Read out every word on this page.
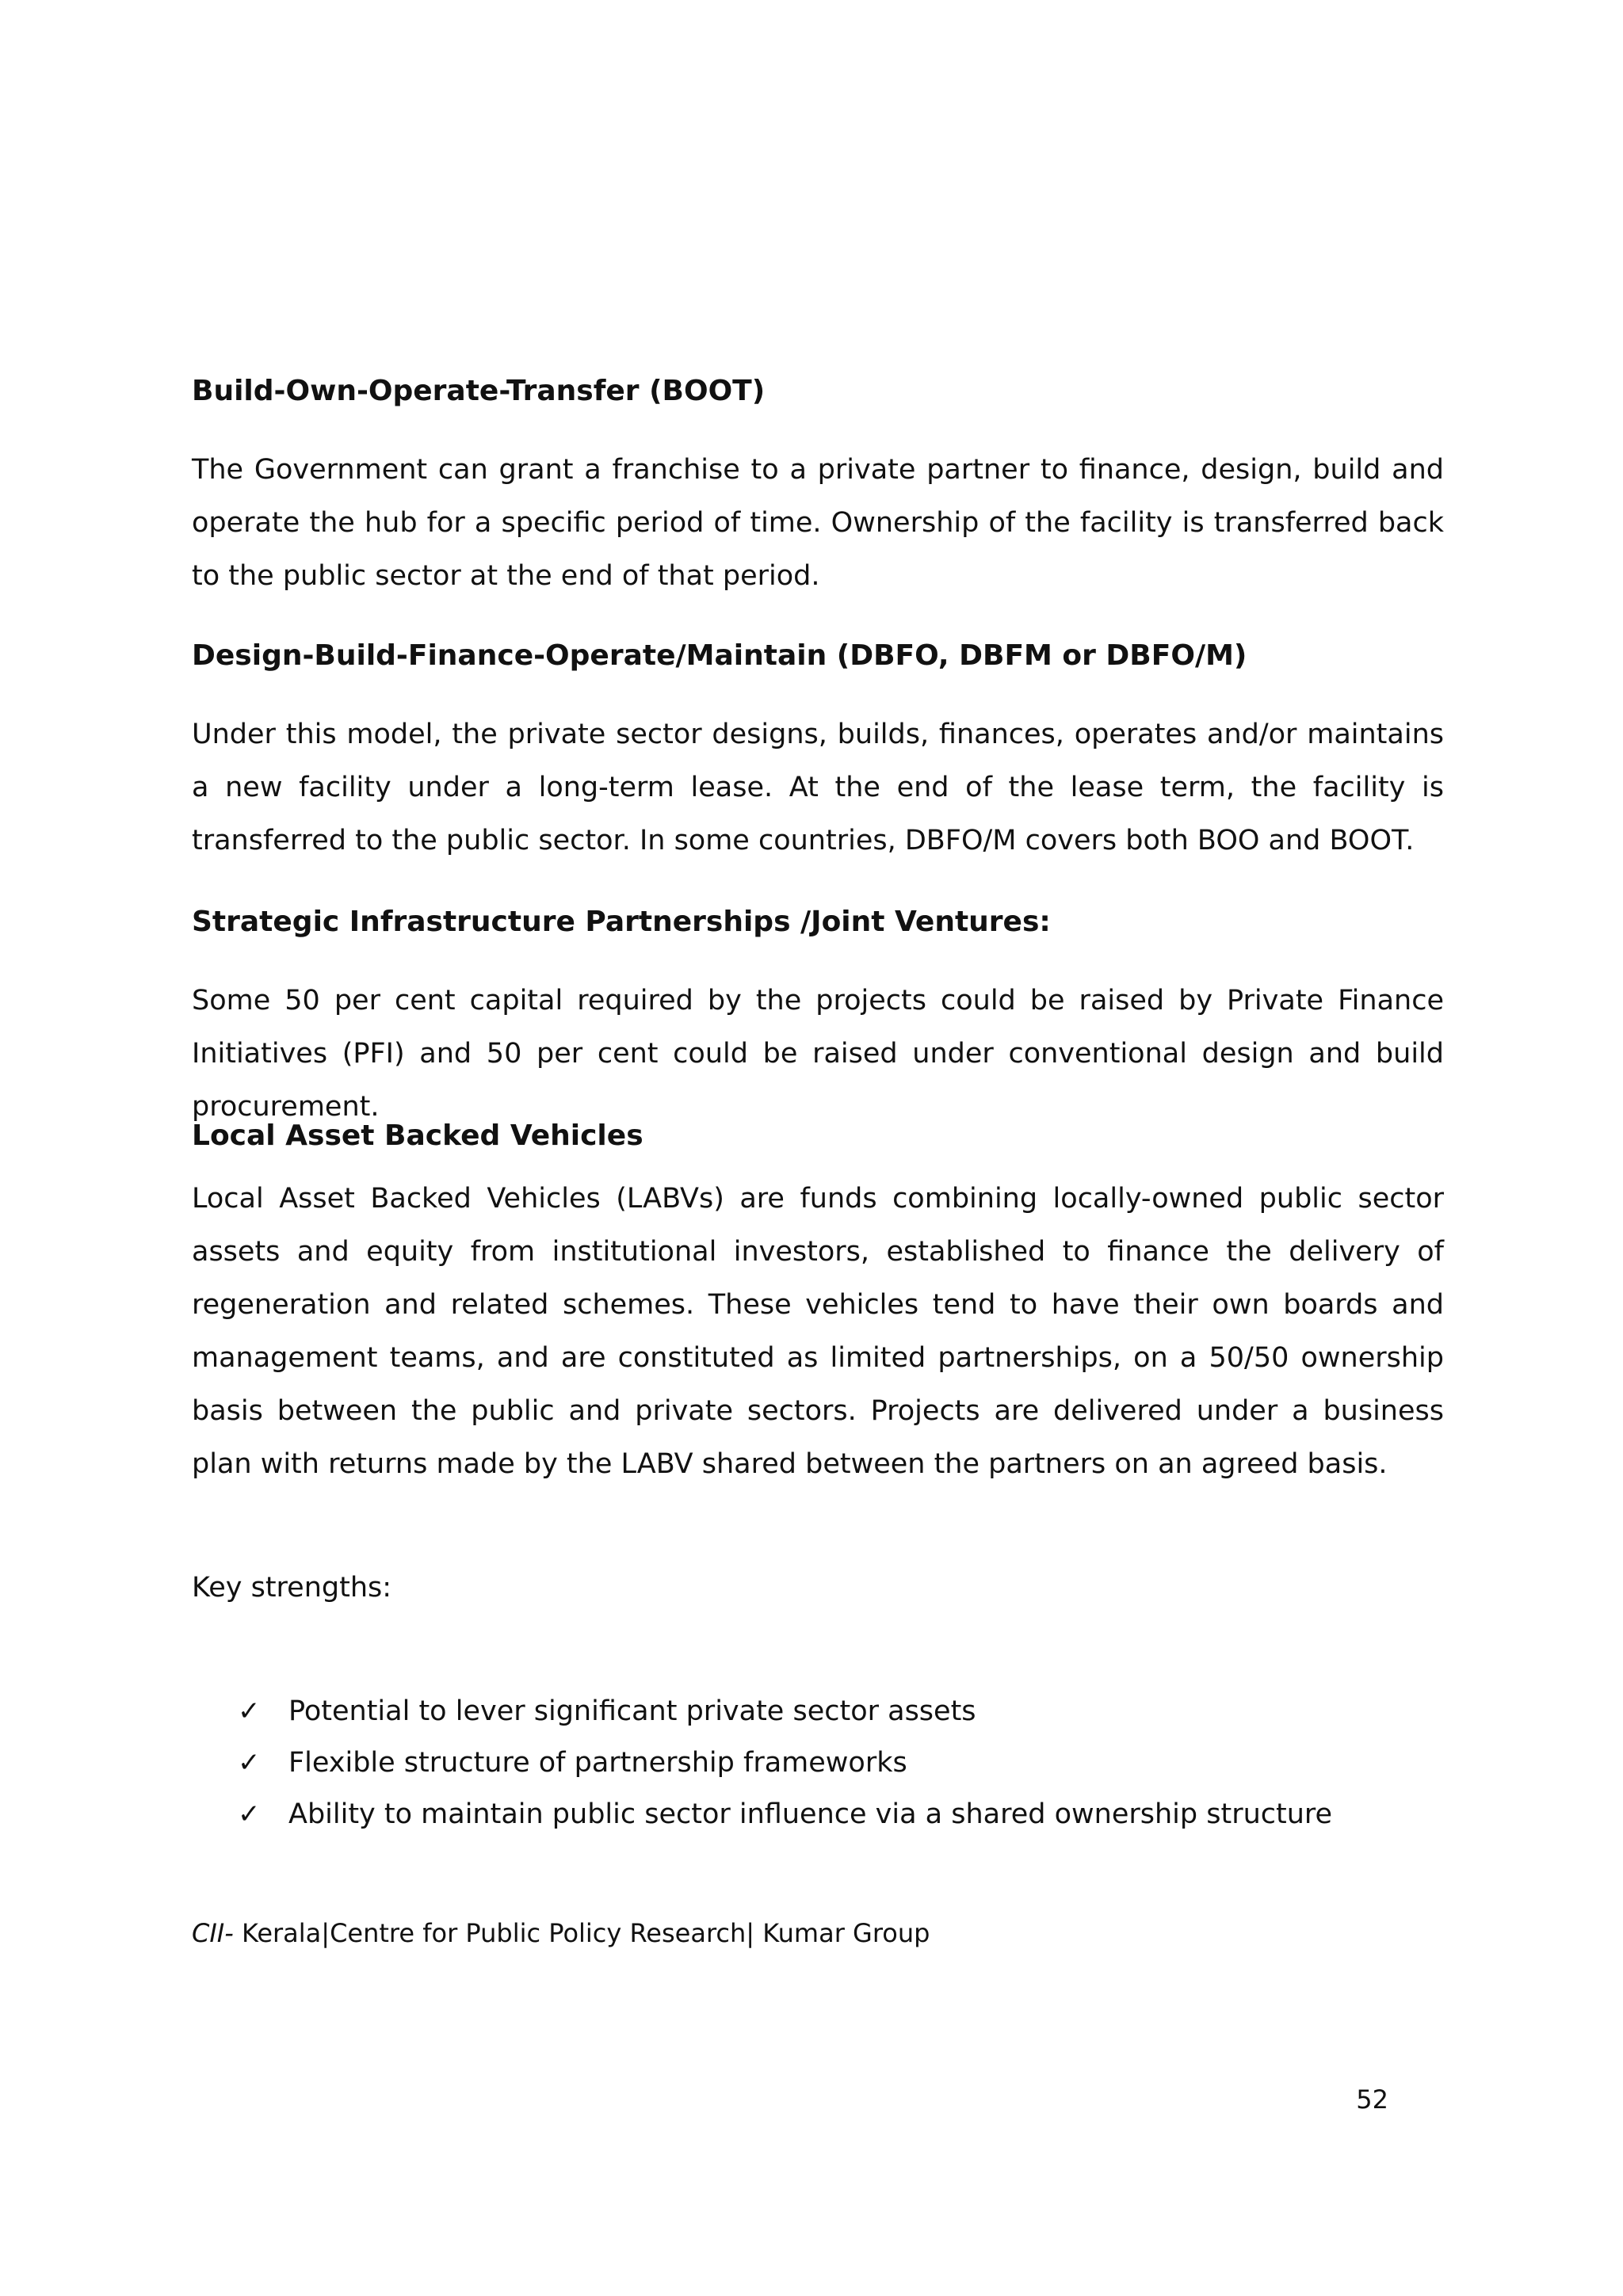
Build-Own-Operate-Transfer (BOOT)

The Government can grant a franchise to a private partner to finance, design, build and operate the hub for a specific period of time. Ownership of the facility is transferred back to the public sector at the end of that period.

Design-Build-Finance-Operate/Maintain (DBFO, DBFM or DBFO/M)

Under this model, the private sector designs, builds, finances, operates and/or maintains a new facility under a long-term lease. At the end of the lease term, the facility is transferred to the public sector. In some countries, DBFO/M covers both BOO and BOOT.

Strategic Infrastructure Partnerships /Joint Ventures:

Some 50 per cent capital required by the projects could be raised by Private Finance Initiatives (PFI) and 50 per cent could be raised under conventional design and build procurement.

Local Asset Backed Vehicles

Local Asset Backed Vehicles (LABVs) are funds combining locally-owned public sector assets and equity from institutional investors, established to finance the delivery of regeneration and related schemes. These vehicles tend to have their own boards and management teams, and are constituted as limited partnerships, on a 50/50 ownership basis between the public and private sectors. Projects are delivered under a business plan with returns made by the LABV shared between the partners on an agreed basis.

Key strengths:

✓ Potential to lever significant private sector assets
✓ Flexible structure of partnership frameworks
✓ Ability to maintain public sector influence via a shared ownership structure

CII- Kerala|Centre for Public Policy Research| Kumar Group

52
